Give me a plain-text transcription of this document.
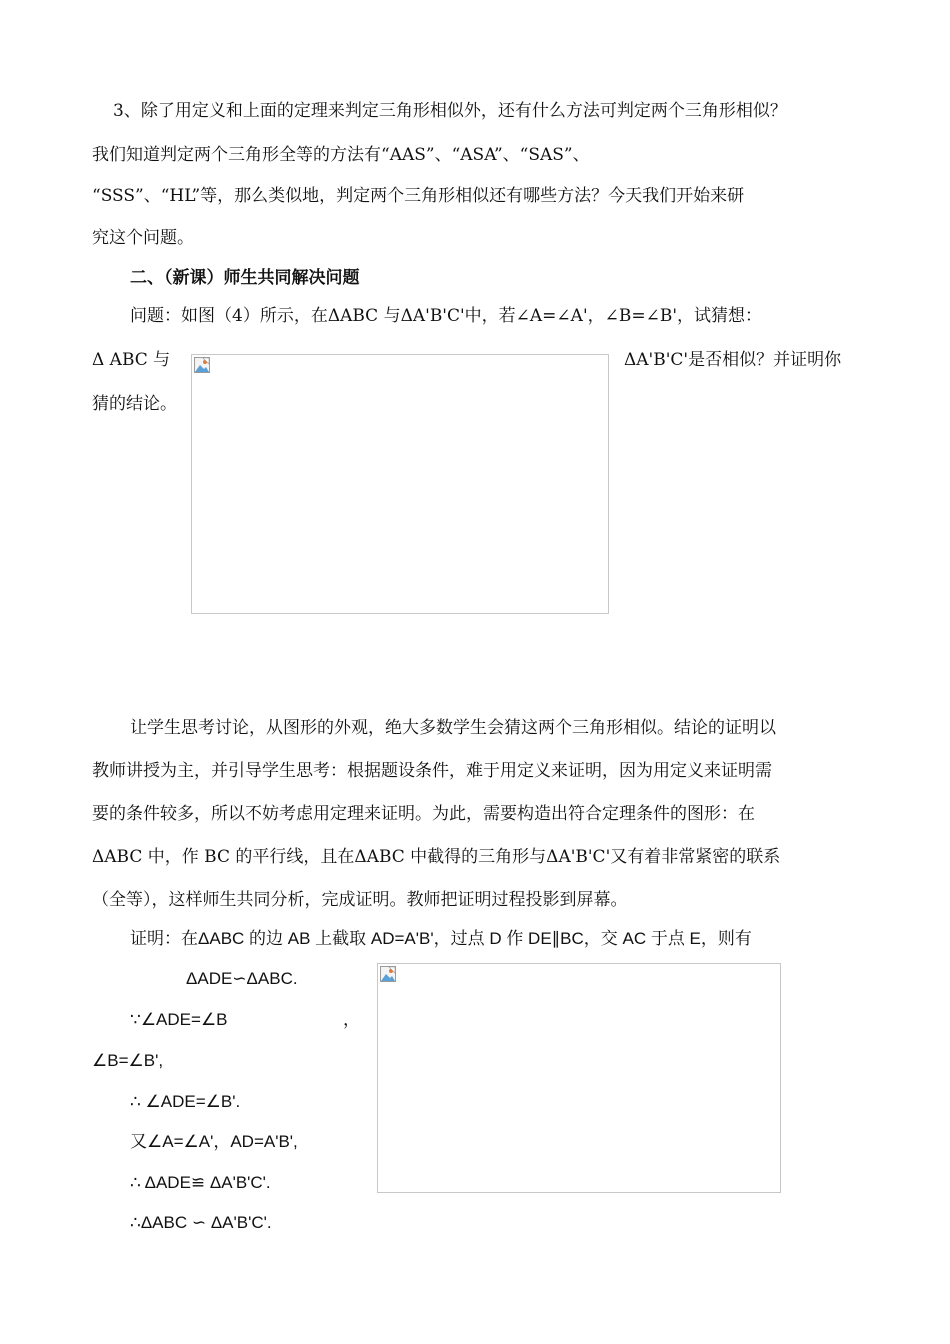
3、除了用定义和上面的定理来判定三角形相似外，还有什么方法可判定两个三角形相似？
我们知道判定两个三角形全等的方法有“AAS”、“ASA”、“SAS”、
“SSS”、“HL”等，那么类似地，判定两个三角形相似还有哪些方法？今天我们开始来研
究这个问题。
二、（新课）师生共同解决问题
问题：如图（4）所示，在ΔABC 与ΔA'B'C'中，若∠A=∠A'，∠B=∠B'，试猜想：
Δ ABC 与	ΔA'B'C'是否相似？并证明你
猜的结论。
让学生思考讨论，从图形的外观，绝大多数学生会猜这两个三角形相似。结论的证明以
教师讲授为主，并引导学生思考：根据题设条件，难于用定义来证明，因为用定义来证明需
要的条件较多，所以不妨考虑用定理来证明。为此，需要构造出符合定理条件的图形：在
ΔABC 中，作 BC 的平行线，且在ΔABC 中截得的三角形与ΔA'B'C'又有着非常紧密的联系
（全等），这样师生共同分析，完成证明。教师把证明过程投影到屏幕。
证明：在ΔABC 的边 AB 上截取 AD=A'B'，过点 D 作 DE∥BC，交 AC 于点 E，则有
ΔADE∽ΔABC.
∵∠ADE=∠B	，
∠B=∠B',
∴ ∠ADE=∠B'.
又∠A=∠A'，AD=A'B',
∴ ΔADE≌ ΔA'B'C'.
∴ΔABC ∽ ΔA'B'C'.
